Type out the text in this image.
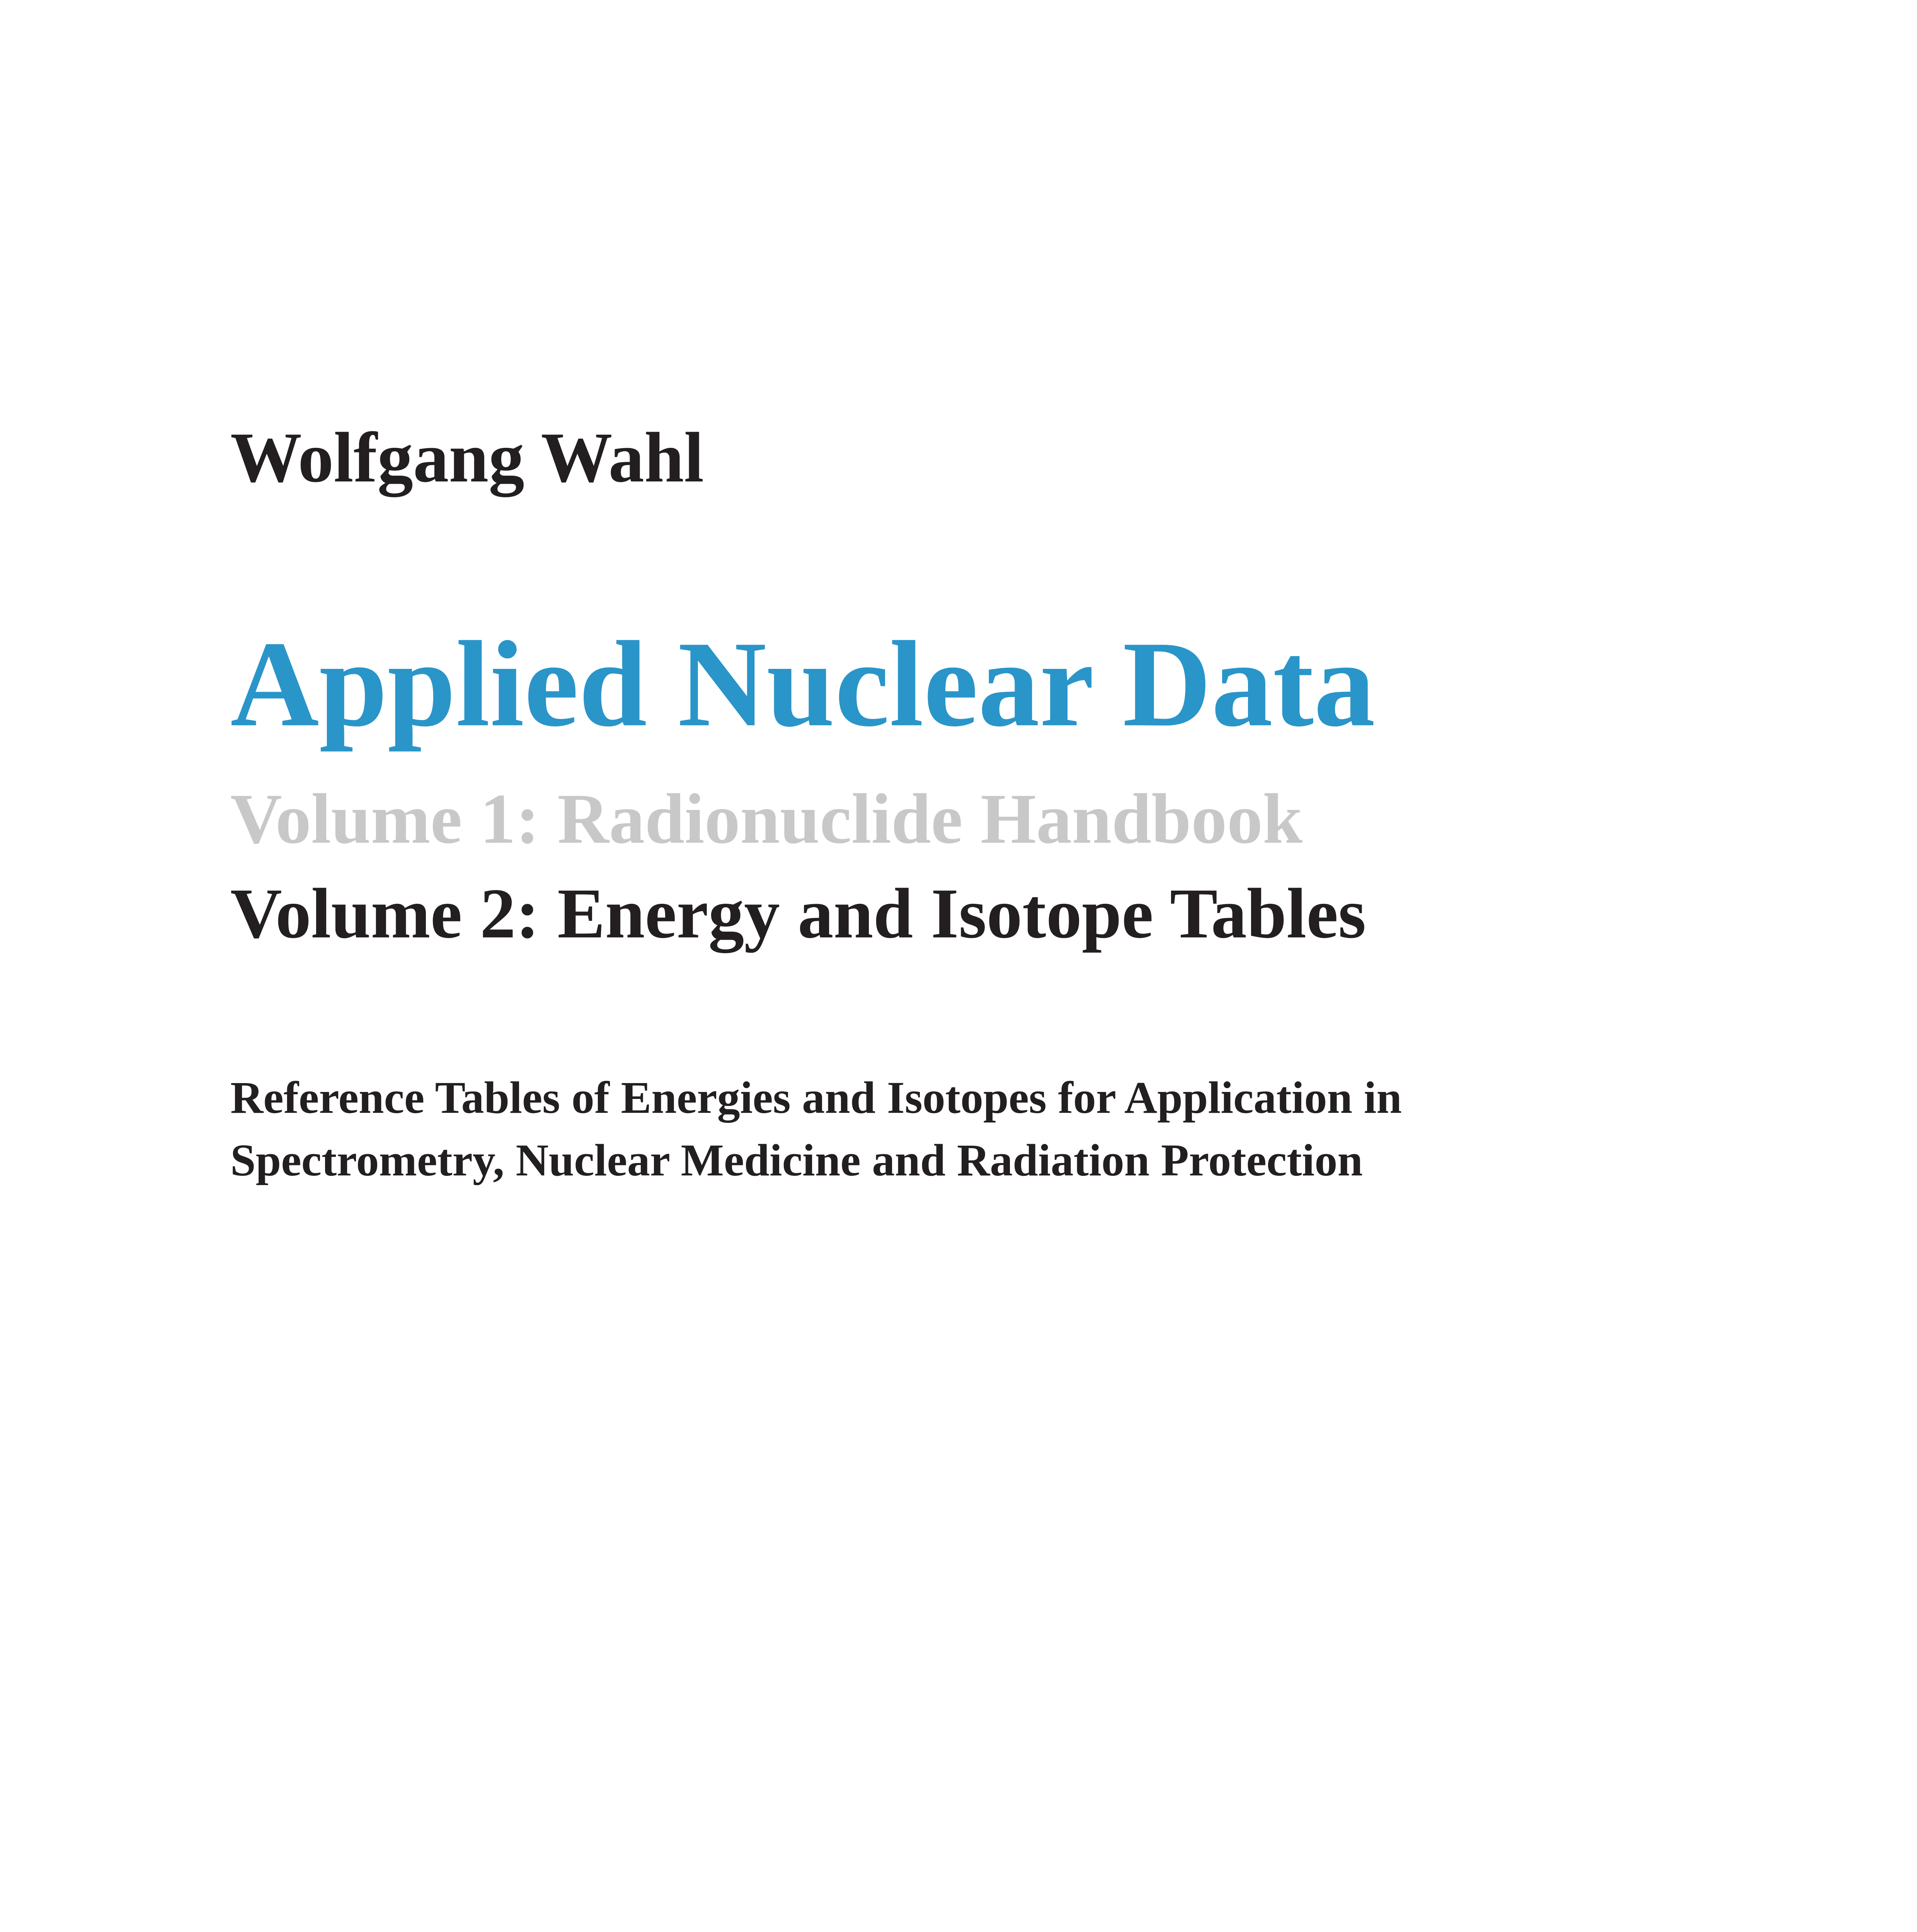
Wolfgang Wahl
Applied Nuclear Data
Volume 1: Radionuclide Handbook
Volume 2: Energy and Isotope Tables
Reference Tables of Energies and Isotopes for Application in
Spectrometry, Nuclear Medicine and Radiation Protection
